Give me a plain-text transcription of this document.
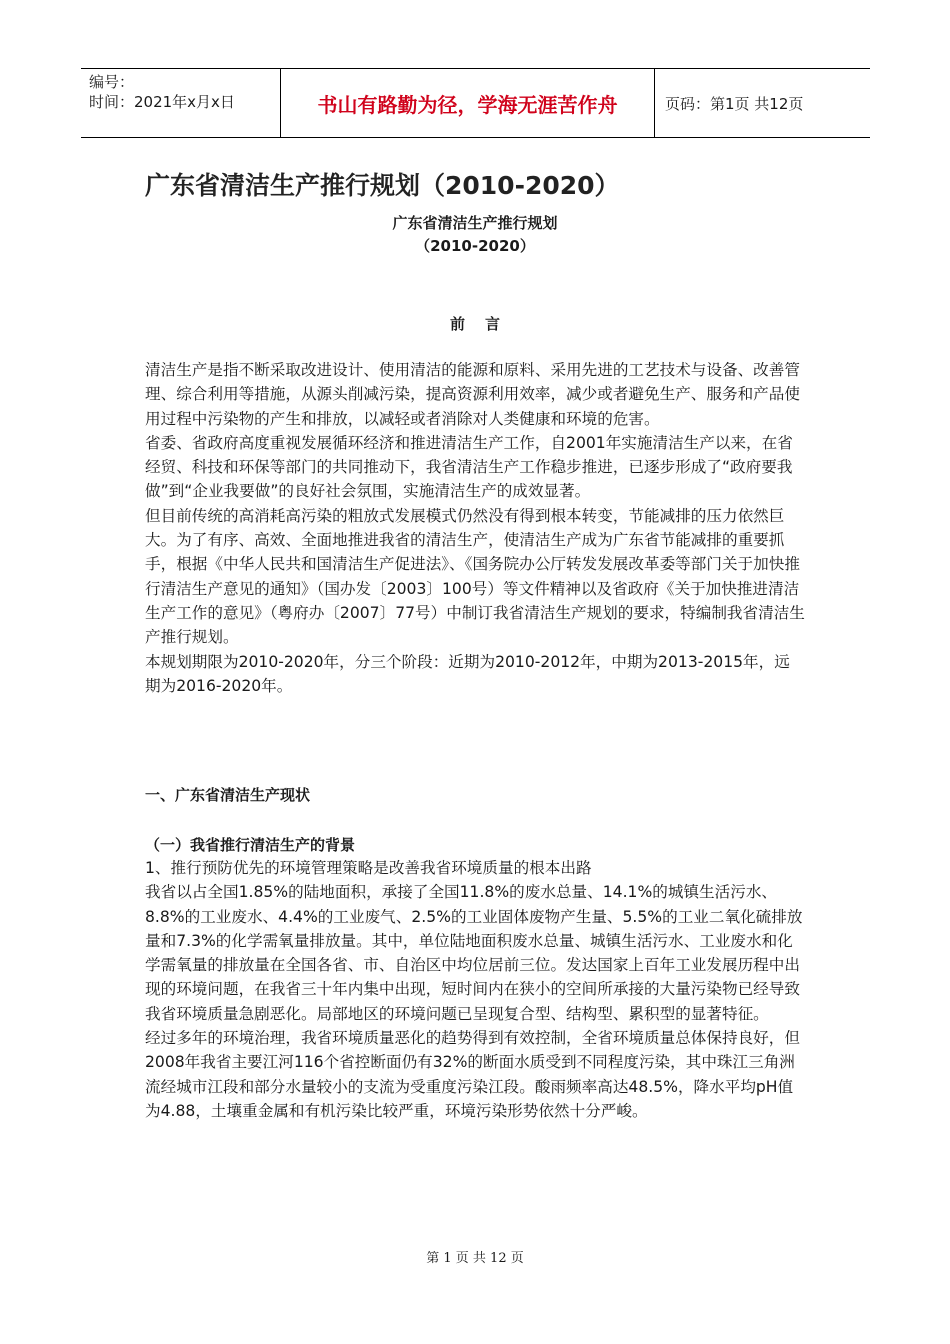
编号：
时间：2021年x月x日	书山有路勤为径，学海无涯苦作舟	页码：第1页 共12页
广东省清洁生产推行规划（2010-2020）
广东省清洁生产推行规划
（2010-2020）
前言

清洁生产是指不断采取改进设计、使用清洁的能源和原料、采用先进的工艺技术与设备、改善管理、综合利用等措施，从源头削减污染，提高资源利用效率，减少或者避免生产、服务和产品使用过程中污染物的产生和排放，以减轻或者消除对人类健康和环境的危害。

省委、省政府高度重视发展循环经济和推进清洁生产工作，自2001年实施清洁生产以来，在省经贸、科技和环保等部门的共同推动下，我省清洁生产工作稳步推进，已逐步形成了“政府要我做”到“企业我要做”的良好社会氛围，实施清洁生产的成效显著。

但目前传统的高消耗高污染的粗放式发展模式仍然没有得到根本转变，节能减排的压力依然巨大。为了有序、高效、全面地推进我省的清洁生产，使清洁生产成为广东省节能减排的重要抓手，根据《中华人民共和国清洁生产促进法》、《国务院办公厅转发发展改革委等部门关于加快推行清洁生产意见的通知》（国办发〔2003〕100号）等文件精神以及省政府《关于加快推进清洁生产工作的意见》（粤府办〔2007〕77号）中制订我省清洁生产规划的要求，特编制我省清洁生产推行规划。

本规划期限为2010-2020年，分三个阶段：近期为2010-2012年，中期为2013-2015年，远期为2016-2020年。

一、广东省清洁生产现状
（一）我省推行清洁生产的背景

1、推行预防优先的环境管理策略是改善我省环境质量的根本出路

我省以占全国1.85%的陆地面积，承接了全国11.8%的废水总量、14.1%的城镇生活污水、8.8%的工业废水、4.4%的工业废气、2.5%的工业固体废物产生量、5.5%的工业二氧化硫排放量和7.3%的化学需氧量排放量。其中，单位陆地面积废水总量、城镇生活污水、工业废水和化学需氧量的排放量在全国各省、市、自治区中均位居前三位。发达国家上百年工业发展历程中出现的环境问题，在我省三十年内集中出现，短时间内在狭小的空间所承接的大量污染物已经导致我省环境质量急剧恶化。局部地区的环境问题已呈现复合型、结构型、累积型的显著特征。

经过多年的环境治理，我省环境质量恶化的趋势得到有效控制，全省环境质量总体保持良好，但2008年我省主要江河116个省控断面仍有32%的断面水质受到不同程度污染，其中珠江三角洲流经城市江段和部分水量较小的支流为受重度污染江段。酸雨频率高达48.5%，降水平均pH值为4.88，土壤重金属和有机污染比较严重，环境污染形势依然十分严峻。

第 1 页 共 12 页
